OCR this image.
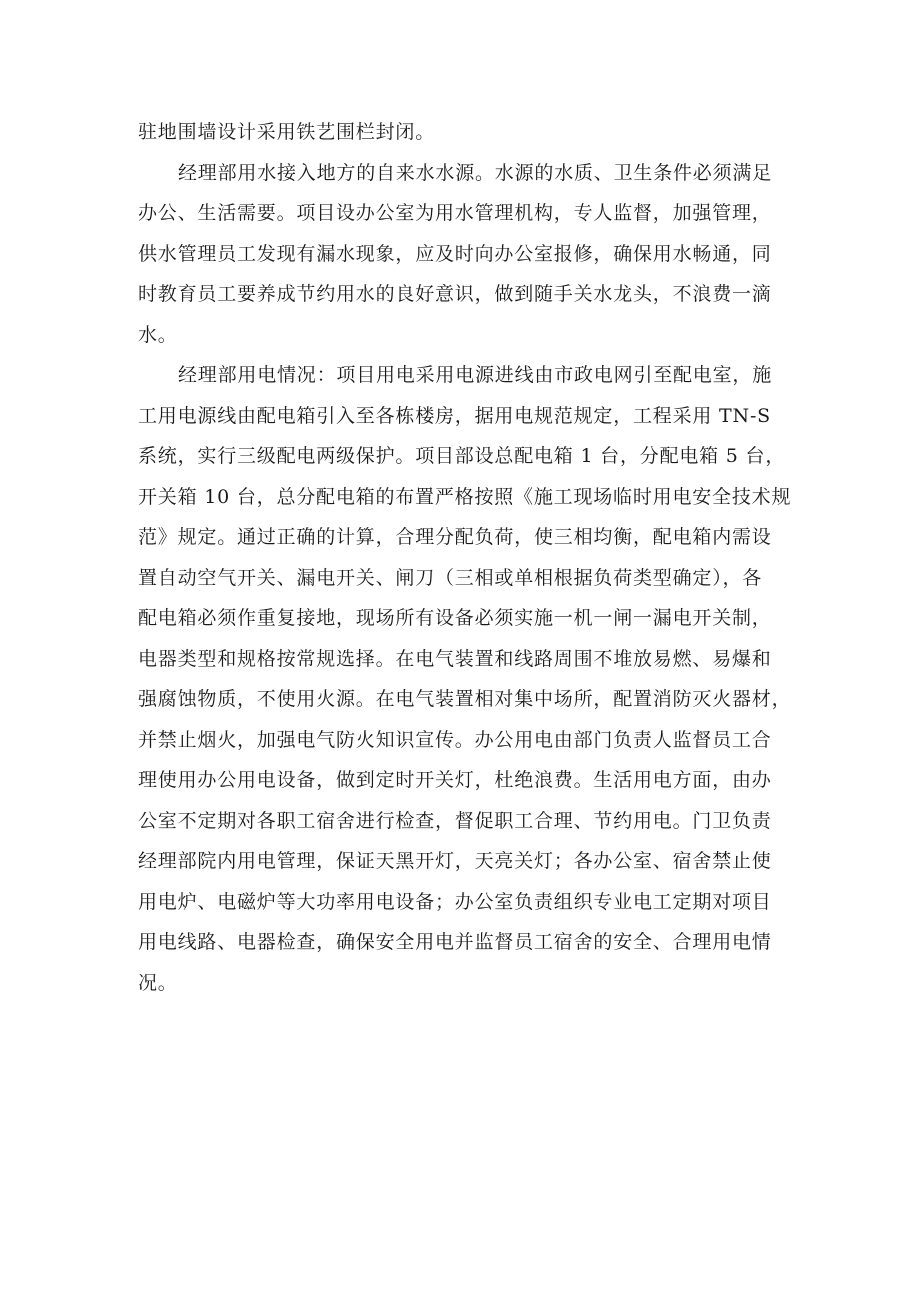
驻地围墙设计采用铁艺围栏封闭。
经理部用水接入地方的自来水水源。水源的水质、卫生条件必须满足
办公、生活需要。项目设办公室为用水管理机构，专人监督，加强管理，
供水管理员工发现有漏水现象，应及时向办公室报修，确保用水畅通，同
时教育员工要养成节约用水的良好意识，做到随手关水龙头，不浪费一滴
水。
经理部用电情况：项目用电采用电源进线由市政电网引至配电室，施
工用电源线由配电箱引入至各栋楼房，据用电规范规定，工程采用 TN-S
系统，实行三级配电两级保护。项目部设总配电箱 1 台，分配电箱 5 台，
开关箱 10 台，总分配电箱的布置严格按照《施工现场临时用电安全技术规
范》规定。通过正确的计算，合理分配负荷，使三相均衡，配电箱内需设
置自动空气开关、漏电开关、闸刀（三相或单相根据负荷类型确定），各
配电箱必须作重复接地，现场所有设备必须实施一机一闸一漏电开关制，
电器类型和规格按常规选择。在电气装置和线路周围不堆放易燃、易爆和
强腐蚀物质，不使用火源。在电气装置相对集中场所，配置消防灭火器材，
并禁止烟火，加强电气防火知识宣传。办公用电由部门负责人监督员工合
理使用办公用电设备，做到定时开关灯，杜绝浪费。生活用电方面，由办
公室不定期对各职工宿舍进行检查，督促职工合理、节约用电。门卫负责
经理部院内用电管理，保证天黑开灯，天亮关灯；各办公室、宿舍禁止使
用电炉、电磁炉等大功率用电设备；办公室负责组织专业电工定期对项目
用电线路、电器检查，确保安全用电并监督员工宿舍的安全、合理用电情
况。
